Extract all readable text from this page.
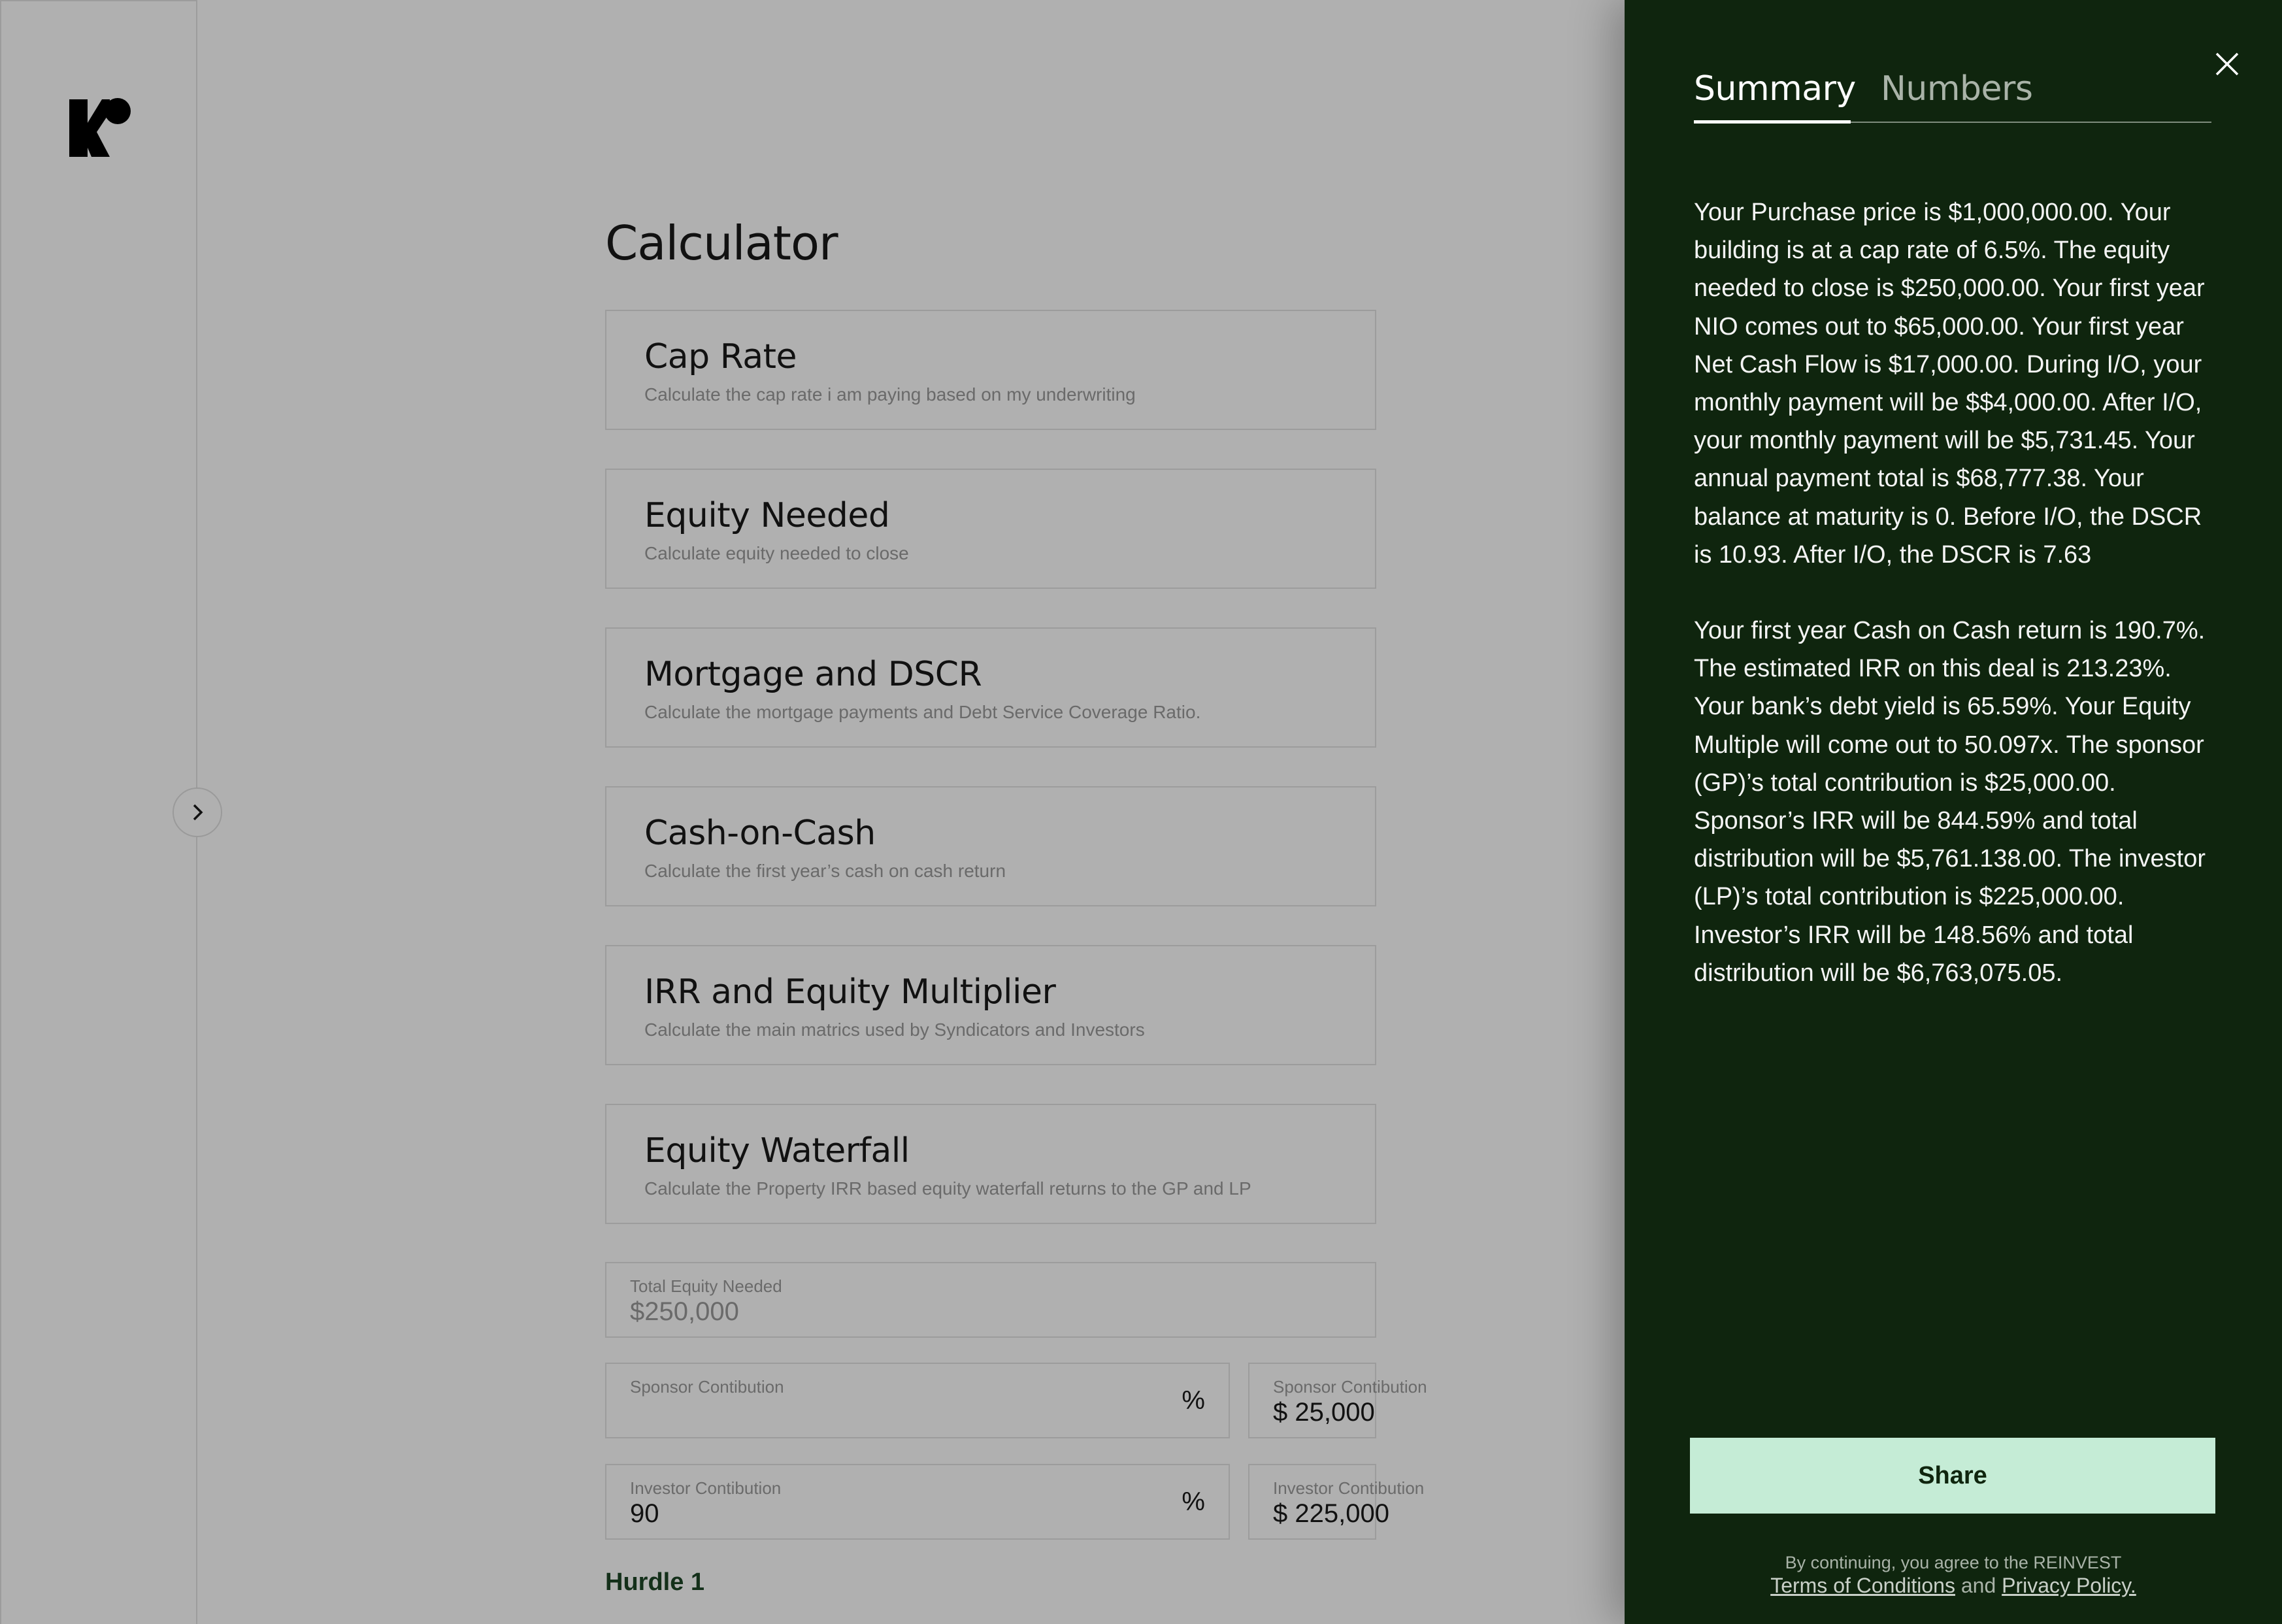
Calculator
Cap Rate
Calculate the cap rate i am paying based on my underwriting
Equity Needed
Calculate equity needed to close
Mortgage and DSCR
Calculate the mortgage payments and Debt Service Coverage Ratio.
Cash-on-Cash
Calculate the first year’s cash on cash return
IRR and Equity Multiplier
Calculate the main matrics used by Syndicators and Investors
Equity Waterfall
Calculate the Property IRR based equity waterfall returns to the GP and LP
Total Equity Needed
$250,000
Sponsor Contibution	%	Sponsor Contibution
$ 25,000
Investor Contibution
90	%	Investor Contibution
$ 225,000
Hurdle 1
Summary Numbers

Your Purchase price is $1,000,000.00. Your building is at a cap rate of 6.5%. The equity needed to close is $250,000.00. Your first year NIO comes out to $65,000.00. Your first year Net Cash Flow is $17,000.00. During I/O, your monthly payment will be $$4,000.00. After I/O, your monthly payment will be $5,731.45. Your annual payment total is $68,777.38. Your balance at maturity is 0. Before I/O, the DSCR is 10.93. After I/O, the DSCR is 7.63

Your first year Cash on Cash return is 190.7%. The estimated IRR on this deal is 213.23%. Your bank’s debt yield is 65.59%. Your Equity Multiple will come out to 50.097x. The sponsor (GP)’s total contribution is $25,000.00. Sponsor’s IRR will be 844.59% and total distribution will be $5,761.138.00. The investor (LP)’s total contribution is $225,000.00. Investor’s IRR will be 148.56% and total distribution will be $6,763,075.05.

Share
By continuing, you agree to the REINVEST
Terms of Conditions and Privacy Policy.
